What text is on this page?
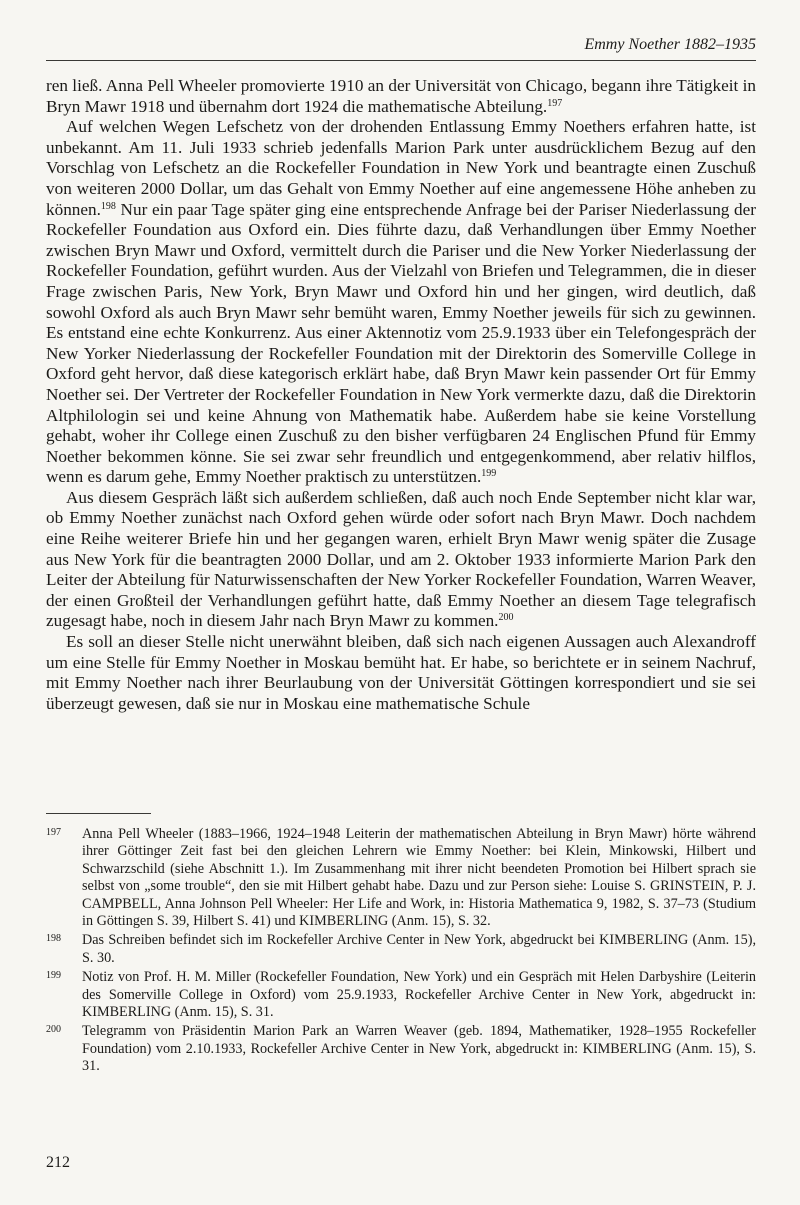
Emmy Noether 1882–1935

ren ließ. Anna Pell Wheeler promovierte 1910 an der Universität von Chicago, begann ihre Tätigkeit in Bryn Mawr 1918 und übernahm dort 1924 die mathematische Abteilung.$^{197}$

Auf welchen Wegen Lefschetz von der drohenden Entlassung Emmy Noethers erfahren hatte, ist unbekannt. Am 11. Juli 1933 schrieb jedenfalls Marion Park unter ausdrücklichem Bezug auf den Vorschlag von Lefschetz an die Rockefeller Foundation in New York und beantragte einen Zuschuß von weiteren 2000 Dollar, um das Gehalt von Emmy Noether auf eine angemessene Höhe anheben zu können.$^{198}$ Nur ein paar Tage später ging eine entsprechende Anfrage bei der Pariser Niederlassung der Rockefeller Foundation aus Oxford ein. Dies führte dazu, daß Verhandlungen über Emmy Noether zwischen Bryn Mawr und Oxford, vermittelt durch die Pariser und die New Yorker Niederlassung der Rockefeller Foundation, geführt wurden. Aus der Vielzahl von Briefen und Telegrammen, die in dieser Frage zwischen Paris, New York, Bryn Mawr und Oxford hin und her gingen, wird deutlich, daß sowohl Oxford als auch Bryn Mawr sehr bemüht waren, Emmy Noether jeweils für sich zu gewinnen. Es entstand eine echte Konkurrenz. Aus einer Aktennotiz vom 25.9.1933 über ein Telefongespräch der New Yorker Niederlassung der Rockefeller Foundation mit der Direktorin des Somerville College in Oxford geht hervor, daß diese kategorisch erklärt habe, daß Bryn Mawr kein passender Ort für Emmy Noether sei. Der Vertreter der Rockefeller Foundation in New York vermerkte dazu, daß die Direktorin Altphilologin sei und keine Ahnung von Mathematik habe. Außerdem habe sie keine Vorstellung gehabt, woher ihr College einen Zuschuß zu den bisher verfügbaren 24 Englischen Pfund für Emmy Noether bekommen könne. Sie sei zwar sehr freundlich und entgegenkommend, aber relativ hilflos, wenn es darum gehe, Emmy Noether praktisch zu unterstützen.$^{199}$

Aus diesem Gespräch läßt sich außerdem schließen, daß auch noch Ende September nicht klar war, ob Emmy Noether zunächst nach Oxford gehen würde oder sofort nach Bryn Mawr. Doch nachdem eine Reihe weiterer Briefe hin und her gegangen waren, erhielt Bryn Mawr wenig später die Zusage aus New York für die beantragten 2000 Dollar, und am 2. Oktober 1933 informierte Marion Park den Leiter der Abteilung für Naturwissenschaften der New Yorker Rockefeller Foundation, Warren Weaver, der einen Großteil der Verhandlungen geführt hatte, daß Emmy Noether an diesem Tage telegrafisch zugesagt habe, noch in diesem Jahr nach Bryn Mawr zu kommen.$^{200}$

Es soll an dieser Stelle nicht unerwähnt bleiben, daß sich nach eigenen Aussagen auch Alexandroff um eine Stelle für Emmy Noether in Moskau bemüht hat. Er habe, so berichtete er in seinem Nachruf, mit Emmy Noether nach ihrer Beurlaubung von der Universität Göttingen korrespondiert und sie sei überzeugt gewesen, daß sie nur in Moskau eine mathematische Schule

197 Anna Pell Wheeler (1883–1966, 1924–1948 Leiterin der mathematischen Abteilung in Bryn Mawr) hörte während ihrer Göttinger Zeit fast bei den gleichen Lehrern wie Emmy Noether: bei Klein, Minkowski, Hilbert und Schwarzschild (siehe Abschnitt 1.). Im Zusammenhang mit ihrer nicht beendeten Promotion bei Hilbert sprach sie selbst von „some trouble“, den sie mit Hilbert gehabt habe. Dazu und zur Person siehe: Louise S. GRINSTEIN, P. J. CAMPBELL, Anna Johnson Pell Wheeler: Her Life and Work, in: Historia Mathematica 9, 1982, S. 37–73 (Studium in Göttingen S. 39, Hilbert S. 41) und KIMBERLING (Anm. 15), S. 32.
198 Das Schreiben befindet sich im Rockefeller Archive Center in New York, abgedruckt bei KIMBERLING (Anm. 15), S. 30.
199 Notiz von Prof. H. M. Miller (Rockefeller Foundation, New York) und ein Gespräch mit Helen Darbyshire (Leiterin des Somerville College in Oxford) vom 25.9.1933, Rockefeller Archive Center in New York, abgedruckt in: KIMBERLING (Anm. 15), S. 31.
200 Telegramm von Präsidentin Marion Park an Warren Weaver (geb. 1894, Mathematiker, 1928–1955 Rockefeller Foundation) vom 2.10.1933, Rockefeller Archive Center in New York, abgedruckt in: KIMBERLING (Anm. 15), S. 31.
212
